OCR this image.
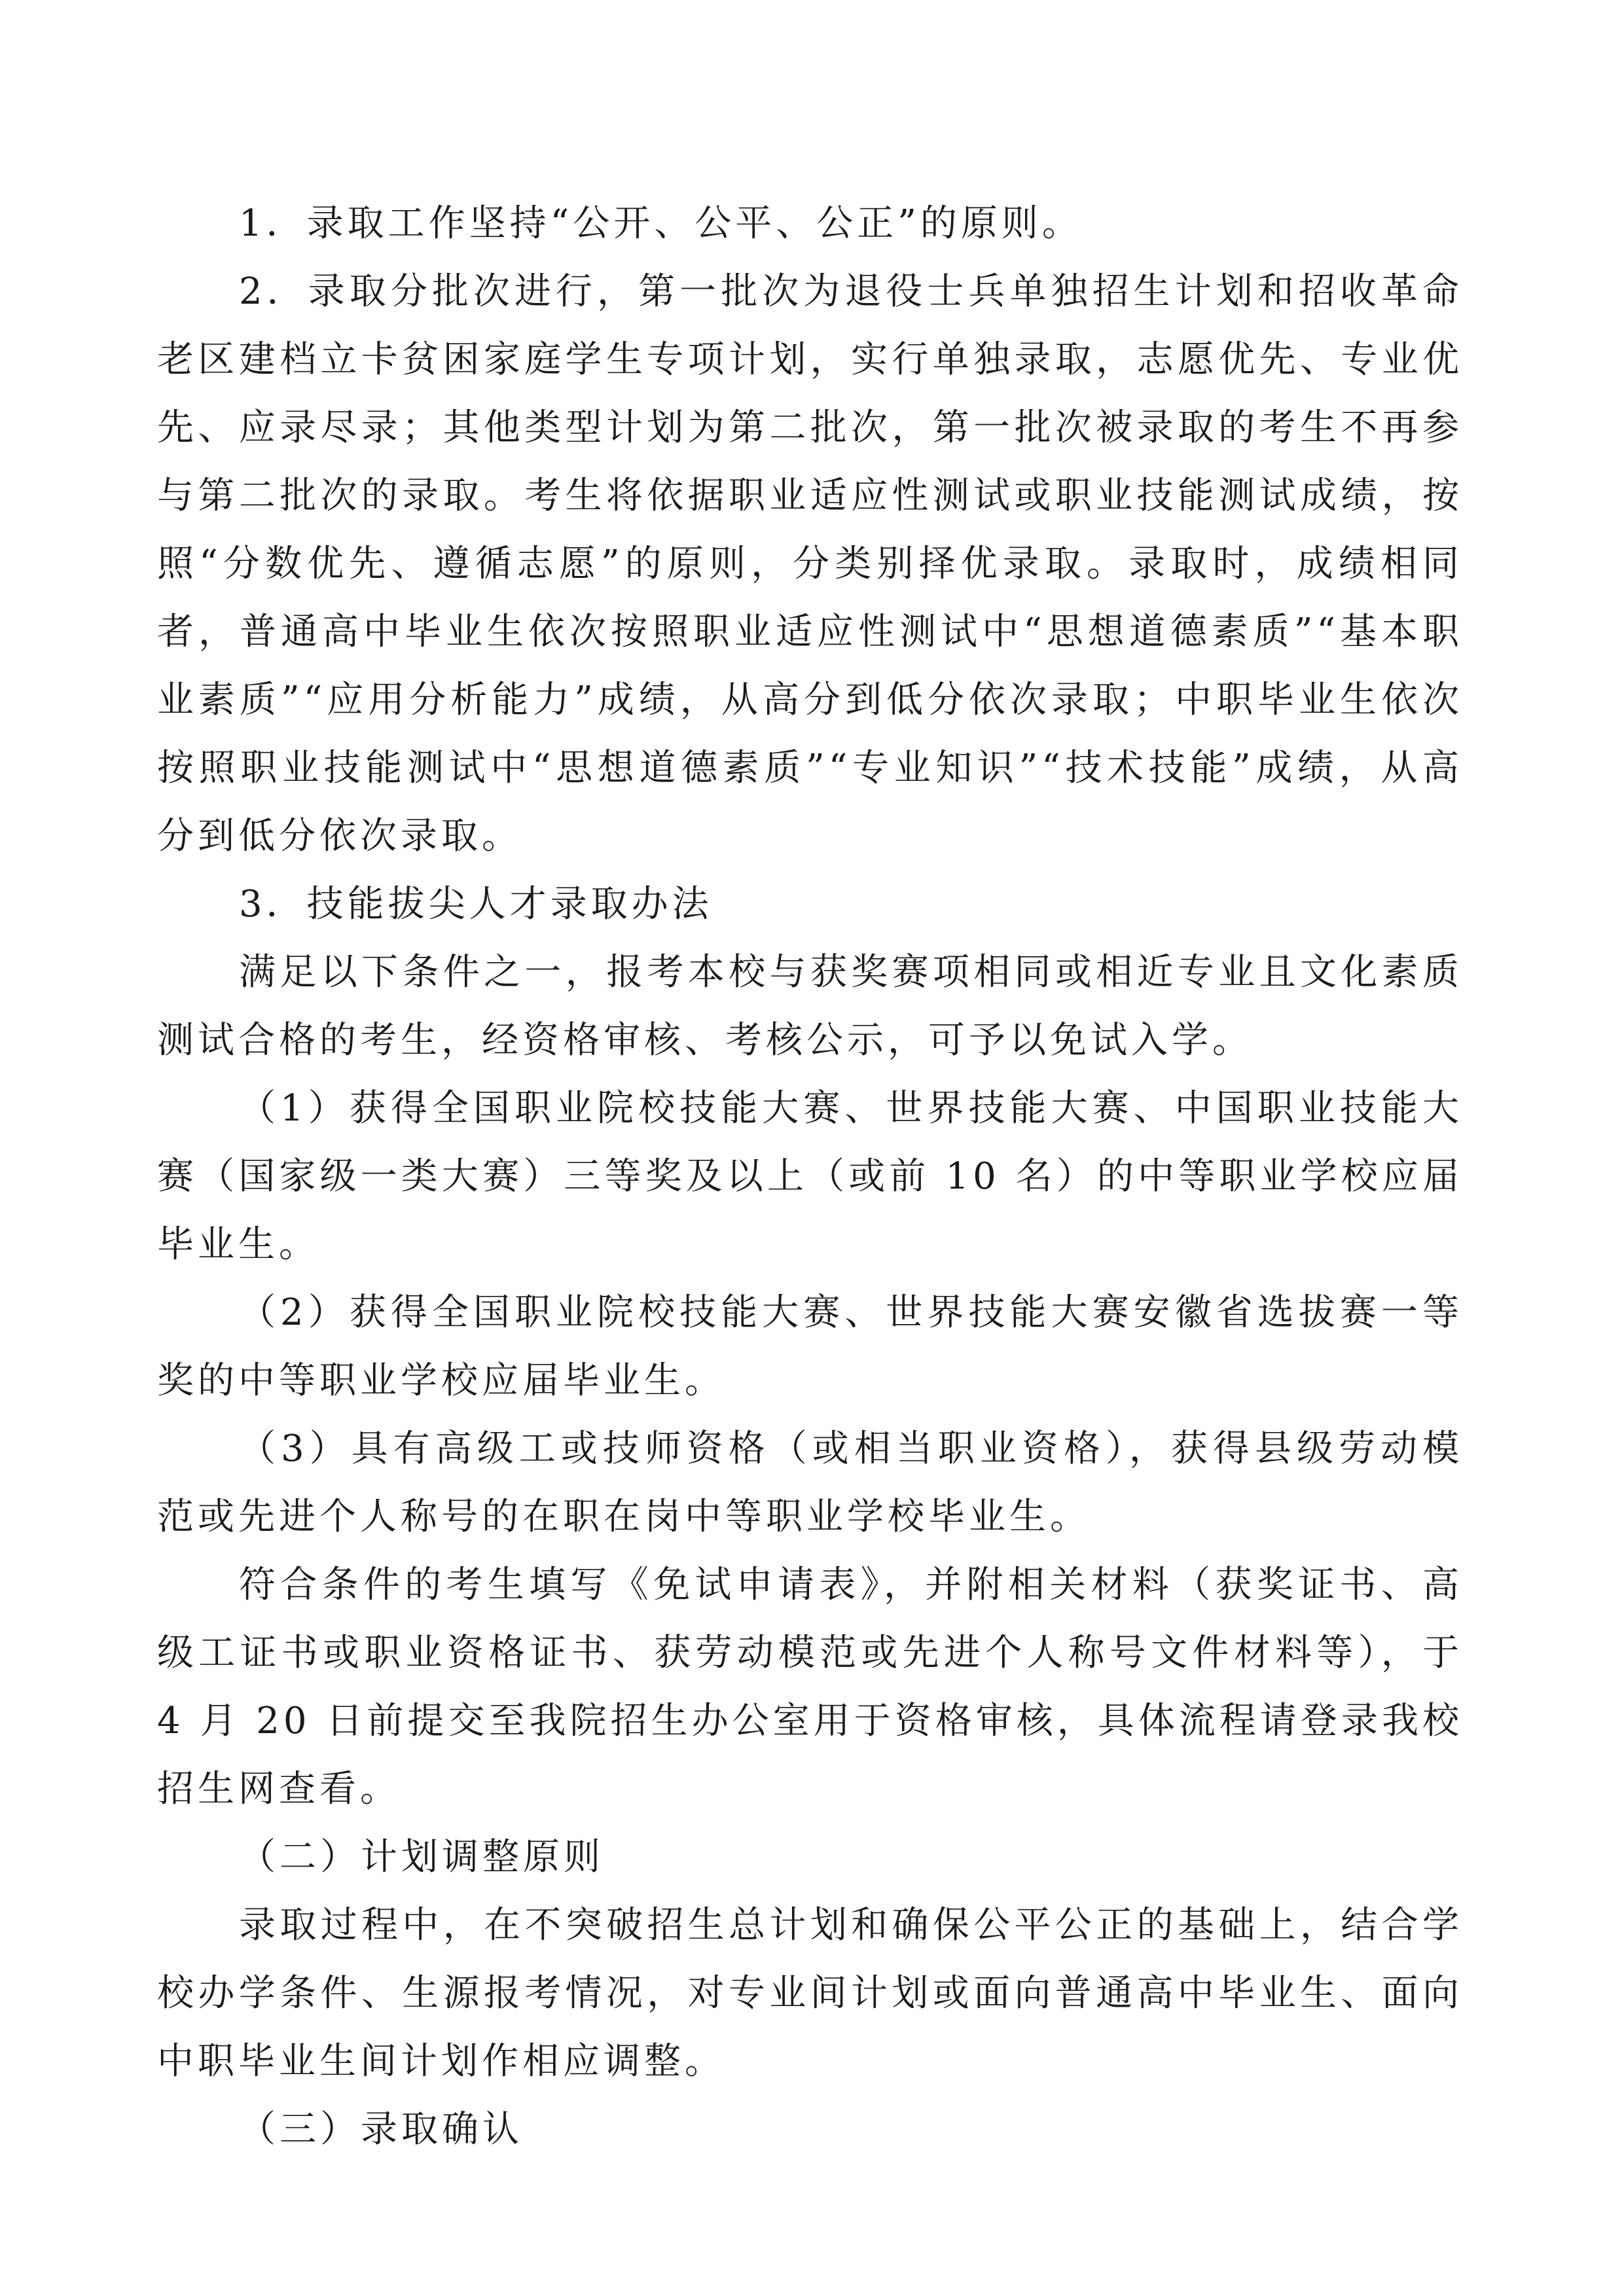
1．录取工作坚持“公开、公平、公正”的原则。

2．录取分批次进行，第一批次为退役士兵单独招生计划和招收革命老区建档立卡贫困家庭学生专项计划，实行单独录取，志愿优先、专业优先、应录尽录；其他类型计划为第二批次，第一批次被录取的考生不再参与第二批次的录取。考生将依据职业适应性测试或职业技能测试成绩，按照“分数优先、遵循志愿”的原则，分类别择优录取。录取时，成绩相同者，普通高中毕业生依次按照职业适应性测试中“思想道德素质”“基本职业素质”“应用分析能力”成绩，从高分到低分依次录取；中职毕业生依次按照职业技能测试中“思想道德素质”“专业知识”“技术技能”成绩，从高分到低分依次录取。

3．技能拔尖人才录取办法

满足以下条件之一，报考本校与获奖赛项相同或相近专业且文化素质测试合格的考生，经资格审核、考核公示，可予以免试入学。

（1）获得全国职业院校技能大赛、世界技能大赛、中国职业技能大赛（国家级一类大赛）三等奖及以上（或前 10 名）的中等职业学校应届毕业生。

（2）获得全国职业院校技能大赛、世界技能大赛安徽省选拔赛一等奖的中等职业学校应届毕业生。

（3）具有高级工或技师资格（或相当职业资格），获得县级劳动模范或先进个人称号的在职在岗中等职业学校毕业生。

符合条件的考生填写《免试申请表》，并附相关材料（获奖证书、高级工证书或职业资格证书、获劳动模范或先进个人称号文件材料等），于 4 月 20 日前提交至我院招生办公室用于资格审核，具体流程请登录我校招生网查看。

（二）计划调整原则

录取过程中，在不突破招生总计划和确保公平公正的基础上，结合学校办学条件、生源报考情况，对专业间计划或面向普通高中毕业生、面向中职毕业生间计划作相应调整。

（三）录取确认
